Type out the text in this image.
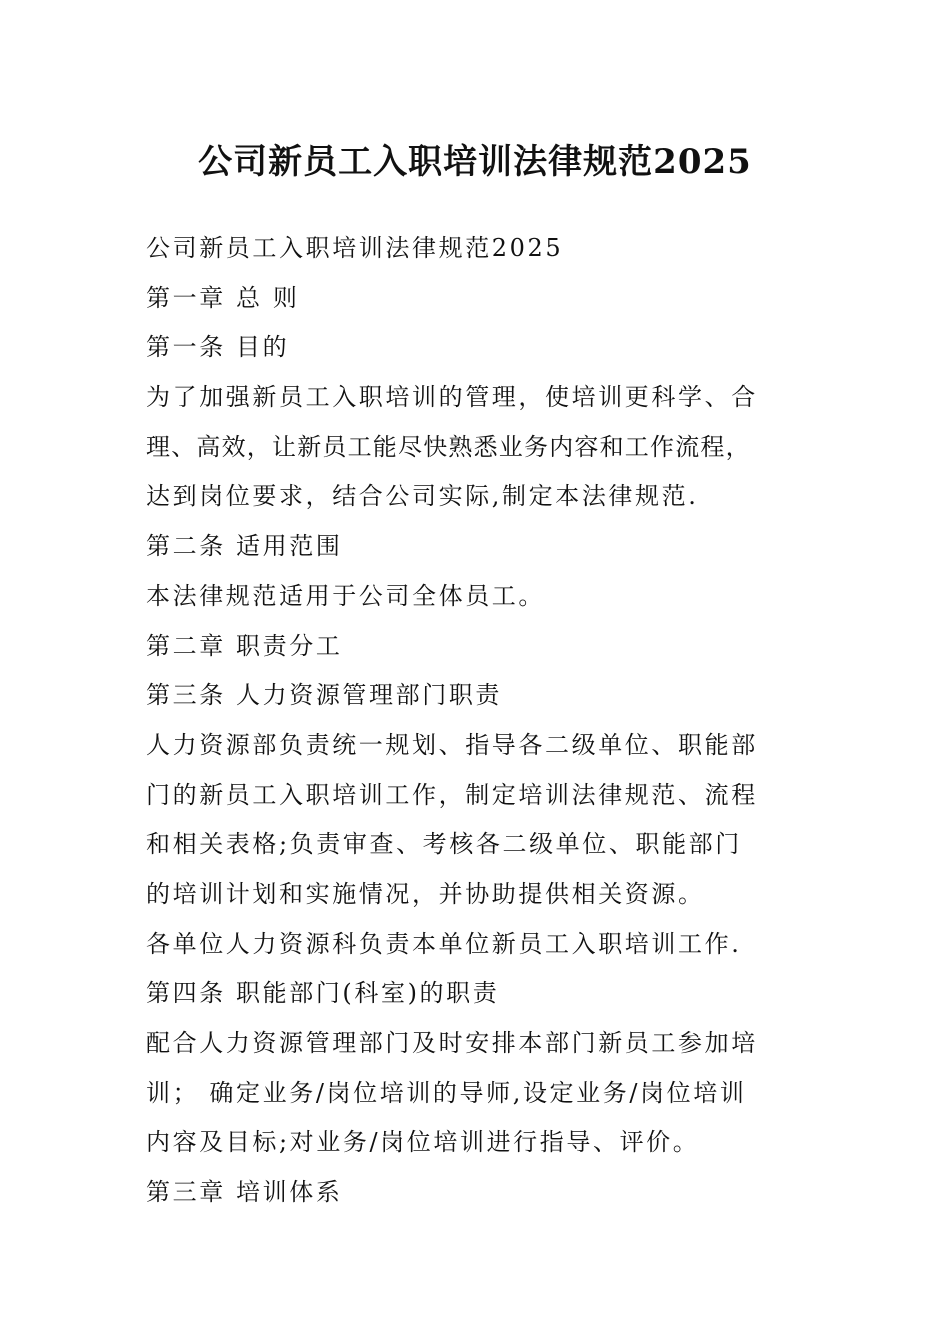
公司新员工入职培训法律规范2025

公司新员工入职培训法律规范2025

第一章 总 则

第一条 目的

为了加强新员工入职培训的管理，使培训更科学、合

理、高效，让新员工能尽快熟悉业务内容和工作流程，

达到岗位要求，结合公司实际,制定本法律规范.

第二条 适用范围

本法律规范适用于公司全体员工。

第二章 职责分工

第三条 人力资源管理部门职责

人力资源部负责统一规划、指导各二级单位、职能部

门的新员工入职培训工作，制定培训法律规范、流程

和相关表格;负责审查、考核各二级单位、职能部门

的培训计划和实施情况，并协助提供相关资源。

各单位人力资源科负责本单位新员工入职培训工作.

第四条 职能部门(科室)的职责

配合人力资源管理部门及时安排本部门新员工参加培

训； 确定业务/岗位培训的导师,设定业务/岗位培训

内容及目标;对业务/岗位培训进行指导、评价。

第三章 培训体系
